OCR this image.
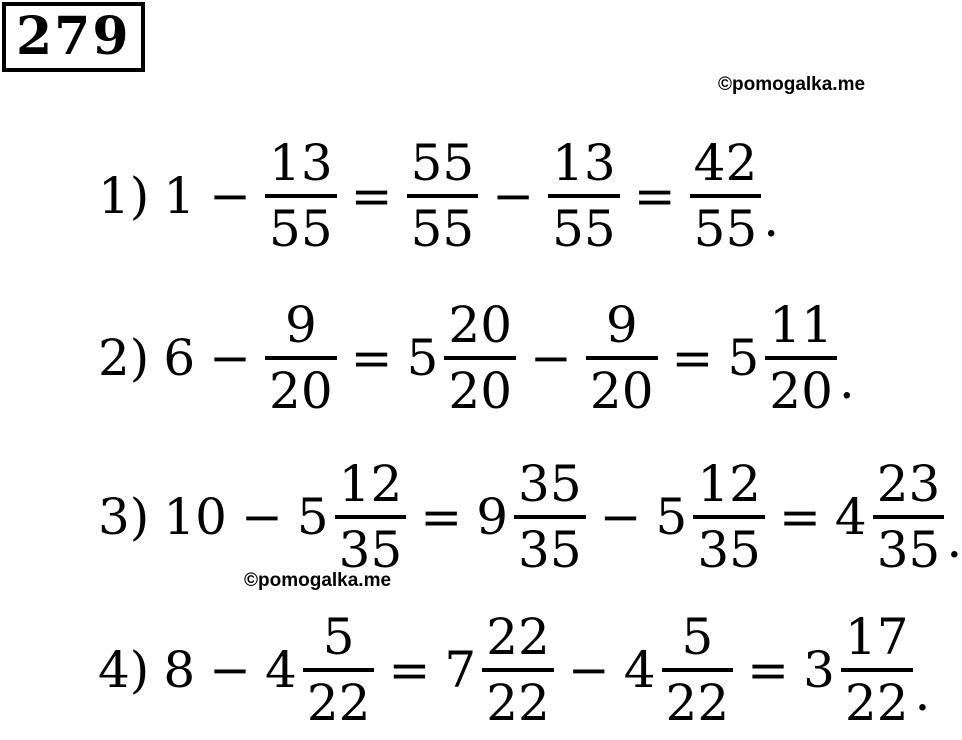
279
©pomogalka.me
©pomogalka.me
1) $1 - \frac{13}{55} = \frac{55}{55} - \frac{13}{55} = \frac{42}{55}$ .
2) $6 - \frac{9}{20} = 5 \frac{20}{20} - \frac{9}{20} = 5 \frac{11}{20}$ .
3) $10 - 5 \frac{12}{35} = 9 \frac{35}{35} - 5 \frac{12}{35} = 4 \frac{23}{35}$ .
4) $8 - 4 \frac{5}{22} = 7 \frac{22}{22} - 4 \frac{5}{22} = 3 \frac{17}{22}$ .
